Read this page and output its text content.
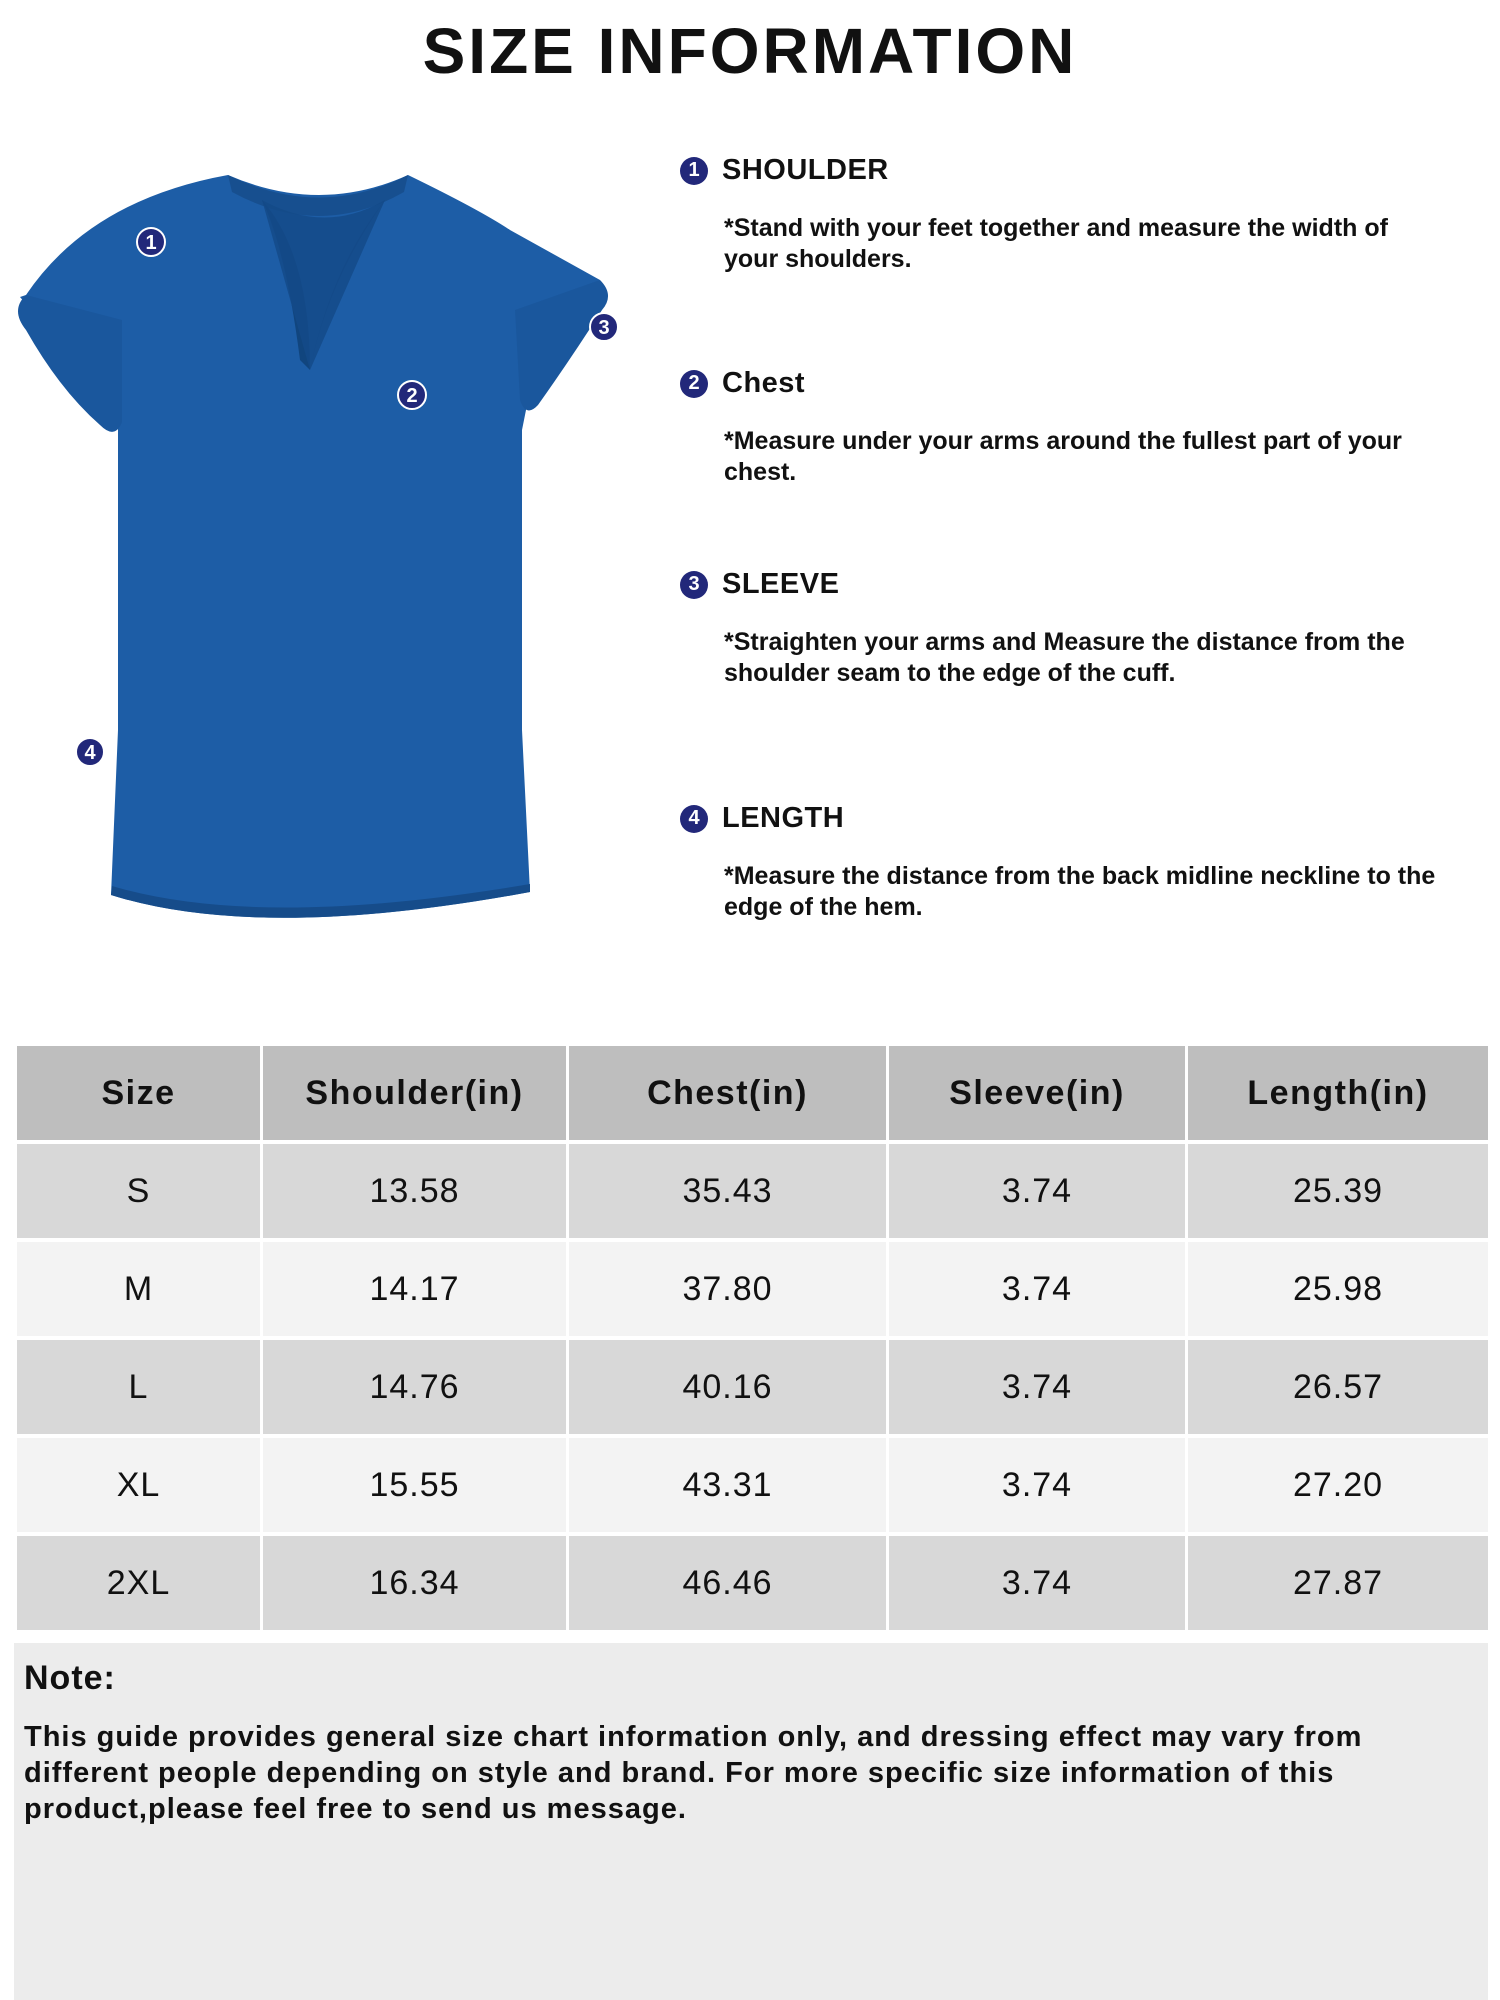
SIZE INFORMATION
1
2
3
4
1 SHOULDER
*Stand with your feet together and measure the width of your shoulders.
2 Chest
*Measure under your arms around the fullest part of your chest.
3 SLEEVE
*Straighten your arms and Measure the distance from the shoulder seam to the edge of the cuff.
4 LENGTH
*Measure the distance from the back midline neckline to the edge of the hem.
Size	Shoulder(in)	Chest(in)	Sleeve(in)	Length(in)
S	13.58	35.43	3.74	25.39
M	14.17	37.80	3.74	25.98
L	14.76	40.16	3.74	26.57
XL	15.55	43.31	3.74	27.20
2XL	16.34	46.46	3.74	27.87
Note:
This guide provides general size chart information only, and dressing effect may vary from different people depending on style and brand. For more specific size information of this product,please feel free to send us message.
